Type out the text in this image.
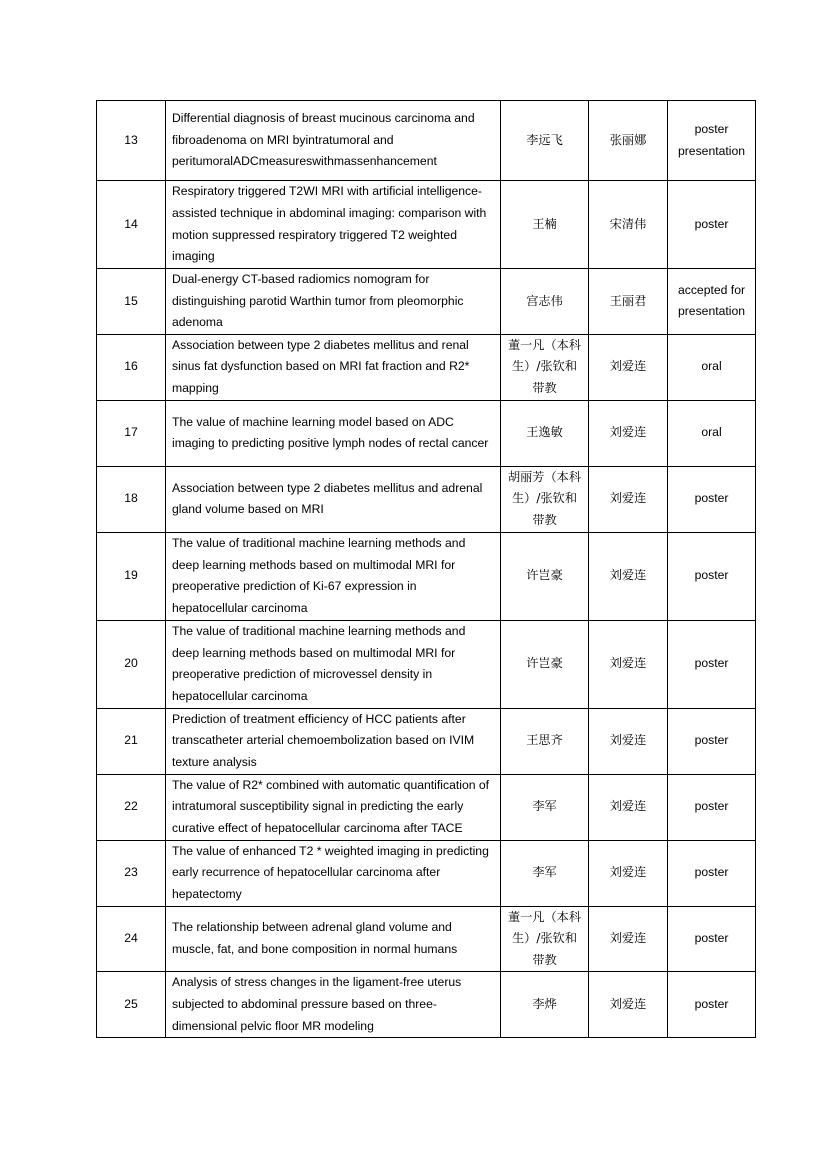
13	Differential diagnosis of breast mucinous carcinoma and fibroadenoma on MRI byintratumoral and peritumoralADCmeasureswithmassenhancement	李远飞	张丽娜	poster presentation
14	Respiratory triggered T2WI MRI with artificial intelligence-assisted technique in abdominal imaging: comparison with motion suppressed respiratory triggered T2 weighted imaging	王楠	宋清伟	poster
15	Dual-energy CT-based radiomics nomogram for distinguishing parotid Warthin tumor from pleomorphic adenoma	宫志伟	王丽君	accepted for presentation
16	Association between type 2 diabetes mellitus and renal sinus fat dysfunction based on MRI fat fraction and R2* mapping	董一凡（本科生）/张钦和带教	刘爱连	oral
17	The value of machine learning model based on ADC imaging to predicting positive lymph nodes of rectal cancer	王逸敏	刘爱连	oral
18	Association between type 2 diabetes mellitus and adrenal gland volume based on MRI	胡丽芳（本科生）/张钦和带教	刘爱连	poster
19	The value of traditional machine learning methods and deep learning methods based on multimodal MRI for preoperative prediction of Ki-67 expression in hepatocellular carcinoma	许岂豪	刘爱连	poster
20	The value of traditional machine learning methods and deep learning methods based on multimodal MRI for preoperative prediction of microvessel density in hepatocellular carcinoma	许岂豪	刘爱连	poster
21	Prediction of treatment efficiency of HCC patients after transcatheter arterial chemoembolization based on IVIM texture analysis	王思齐	刘爱连	poster
22	The value of R2* combined with automatic quantification of intratumoral susceptibility signal in predicting the early curative effect of hepatocellular carcinoma after TACE	李军	刘爱连	poster
23	The value of enhanced T2 * weighted imaging in predicting early recurrence of hepatocellular carcinoma after hepatectomy	李军	刘爱连	poster
24	The relationship between adrenal gland volume and muscle, fat, and bone composition in normal humans	董一凡（本科生）/张钦和带教	刘爱连	poster
25	Analysis of stress changes in the ligament-free uterus subjected to abdominal pressure based on three-dimensional pelvic floor MR modeling	李烨	刘爱连	poster
